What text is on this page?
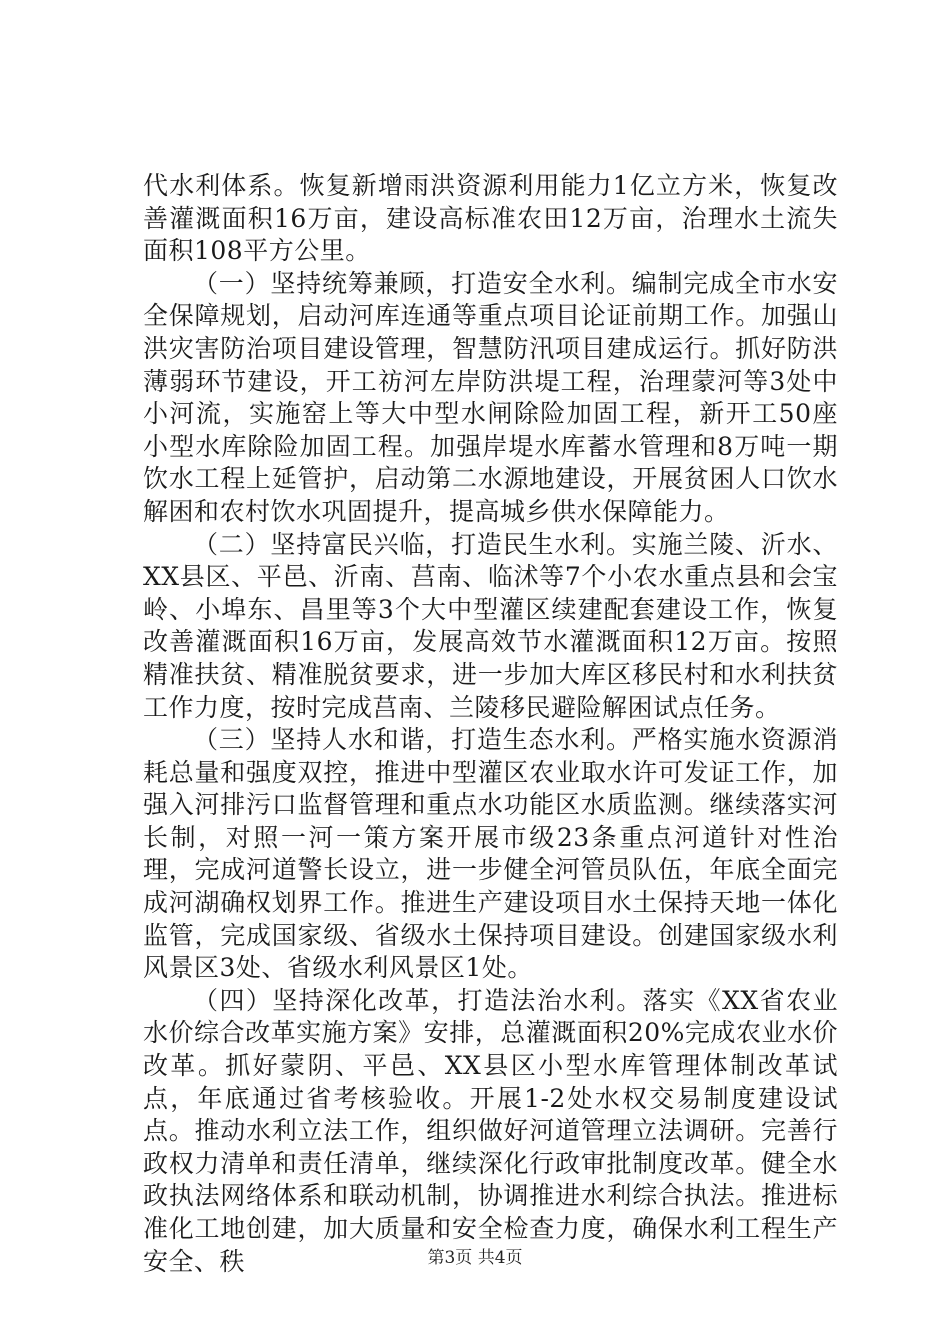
代水利体系。恢复新增雨洪资源利用能力1亿立方米，恢复改善灌溉面积16万亩，建设高标准农田12万亩，治理水土流失面积108平方公里。

（一）坚持统筹兼顾，打造安全水利。编制完成全市水安全保障规划，启动河库连通等重点项目论证前期工作。加强山洪灾害防治项目建设管理，智慧防汛项目建成运行。抓好防洪薄弱环节建设，开工祊河左岸防洪堤工程，治理蒙河等3处中小河流，实施窑上等大中型水闸除险加固工程，新开工50座小型水库除险加固工程。加强岸堤水库蓄水管理和8万吨一期饮水工程上延管护，启动第二水源地建设，开展贫困人口饮水解困和农村饮水巩固提升，提高城乡供水保障能力。

（二）坚持富民兴临，打造民生水利。实施兰陵、沂水、XX县区、平邑、沂南、莒南、临沭等7个小农水重点县和会宝岭、小埠东、昌里等3个大中型灌区续建配套建设工作，恢复改善灌溉面积16万亩，发展高效节水灌溉面积12万亩。按照精准扶贫、精准脱贫要求，进一步加大库区移民村和水利扶贫工作力度，按时完成莒南、兰陵移民避险解困试点任务。

（三）坚持人水和谐，打造生态水利。严格实施水资源消耗总量和强度双控，推进中型灌区农业取水许可发证工作，加强入河排污口监督管理和重点水功能区水质监测。继续落实河长制，对照一河一策方案开展市级23条重点河道针对性治理，完成河道警长设立，进一步健全河管员队伍，年底全面完成河湖确权划界工作。推进生产建设项目水土保持天地一体化监管，完成国家级、省级水土保持项目建设。创建国家级水利风景区3处、省级水利风景区1处。

（四）坚持深化改革，打造法治水利。落实《XX省农业水价综合改革实施方案》安排，总灌溉面积20%完成农业水价改革。抓好蒙阴、平邑、XX县区小型水库管理体制改革试点，年底通过省考核验收。开展1-2处水权交易制度建设试点。推动水利立法工作，组织做好河道管理立法调研。完善行政权力清单和责任清单，继续深化行政审批制度改革。健全水政执法网络体系和联动机制，协调推进水利综合执法。推进标准化工地创建，加大质量和安全检查力度，确保水利工程生产安全、秩	第3页 共4页
